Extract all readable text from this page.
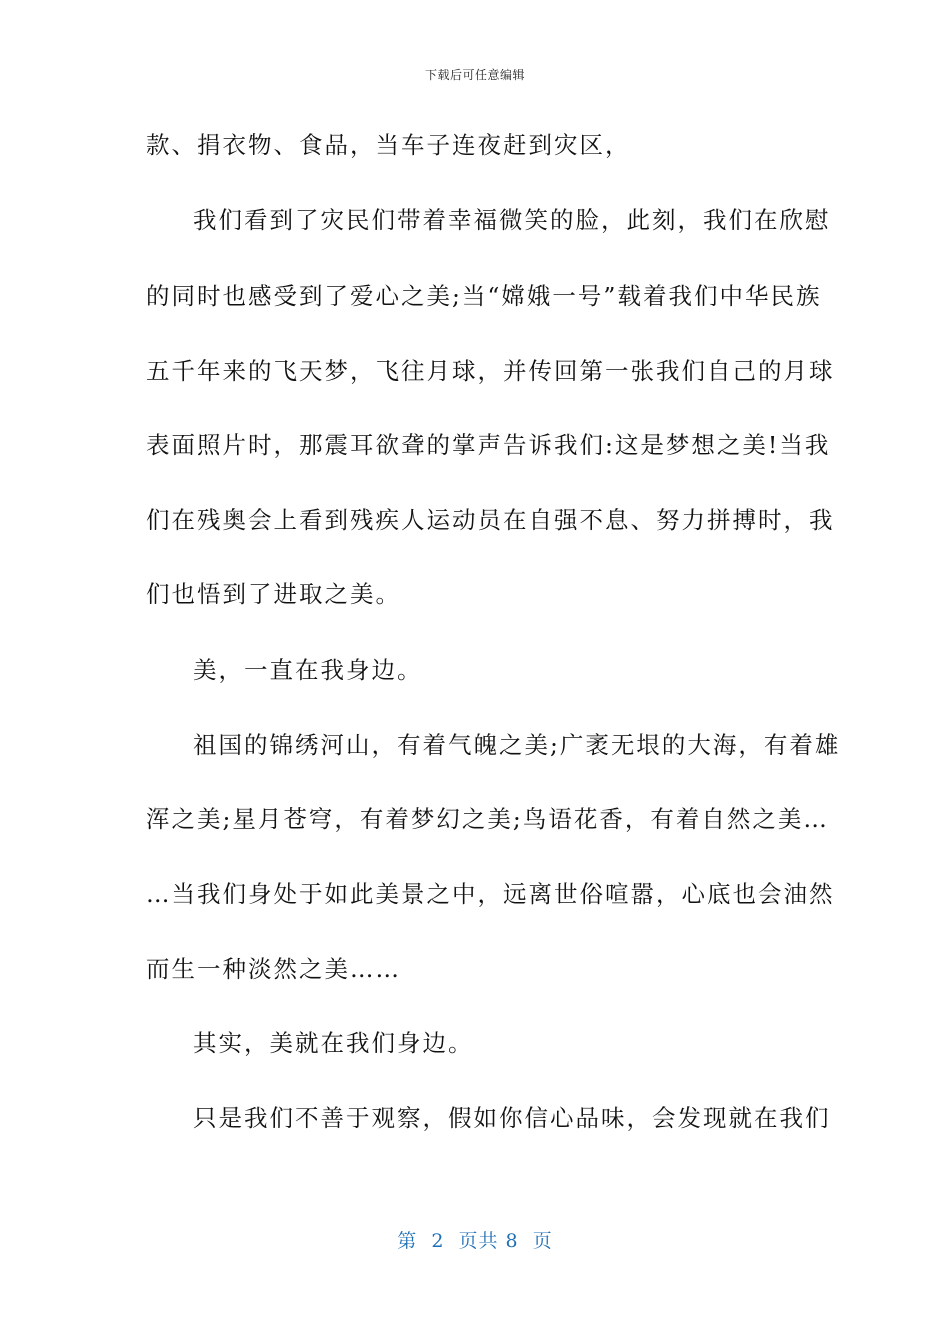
下载后可任意编辑
款、捐衣物、食品，当车子连夜赶到灾区，
我们看到了灾民们带着幸福微笑的脸，此刻，我们在欣慰
的同时也感受到了爱心之美;当“嫦娥一号”载着我们中华民族
五千年来的飞天梦，飞往月球，并传回第一张我们自己的月球
表面照片时，那震耳欲聋的掌声告诉我们:这是梦想之美!当我
们在残奥会上看到残疾人运动员在自强不息、努力拼搏时，我
们也悟到了进取之美。
美，一直在我身边。
祖国的锦绣河山，有着气魄之美;广袤无垠的大海，有着雄
浑之美;星月苍穹，有着梦幻之美;鸟语花香，有着自然之美…
…当我们身处于如此美景之中，远离世俗喧嚣，心底也会油然
而生一种淡然之美……
其实，美就在我们身边。
只是我们不善于观察，假如你信心品味，会发现就在我们
第  2  页共 8  页
